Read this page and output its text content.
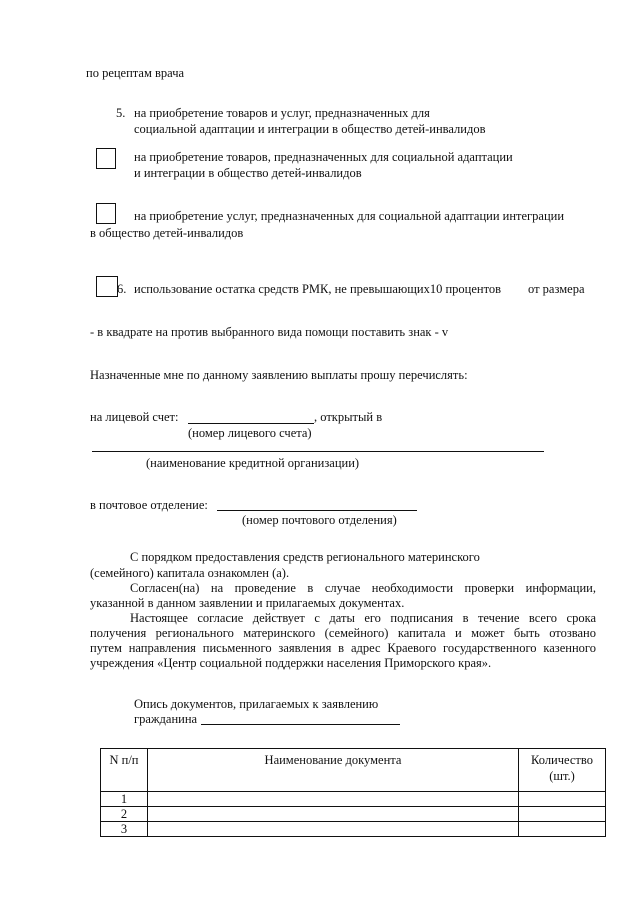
по рецептам врача
5. на приобретение товаров и услуг, предназначенных для
социальной адаптации и интеграции в общество детей-инвалидов
на приобретение товаров, предназначенных для социальной адаптации
и интеграции в общество детей-инвалидов
на приобретение услуг, предназначенных для социальной адаптации интеграции
в общество детей-инвалидов
6. использование остатка средств РМК, не превышающих10 процентов от размера
- в квадрате на против выбранного вида помощи поставить знак - v
Назначенные мне по данному заявлению выплаты прошу перечислять:
на лицевой счет:	, открытый в
(номер лицевого счета)
(наименование кредитной организации)
в почтовое отделение:
(номер почтового отделения)
С порядком предоставления средств регионального материнского
(семейного) капитала ознакомлен (а).
Согласен(на) на проведение в случае необходимости проверки информации,
указанной в данном заявлении и прилагаемых документах.
Настоящее согласие действует с даты его подписания в течение всего срока
получения регионального материнского (семейного) капитала и может быть отозвано
путем направления письменного заявления в адрес Краевого государственного казенного
учреждения «Центр социальной поддержки населения Приморского края».
Опись документов, прилагаемых к заявлению
гражданина
N п/п	Наименование документа	Количество (шт.)
1		
2		
3		
